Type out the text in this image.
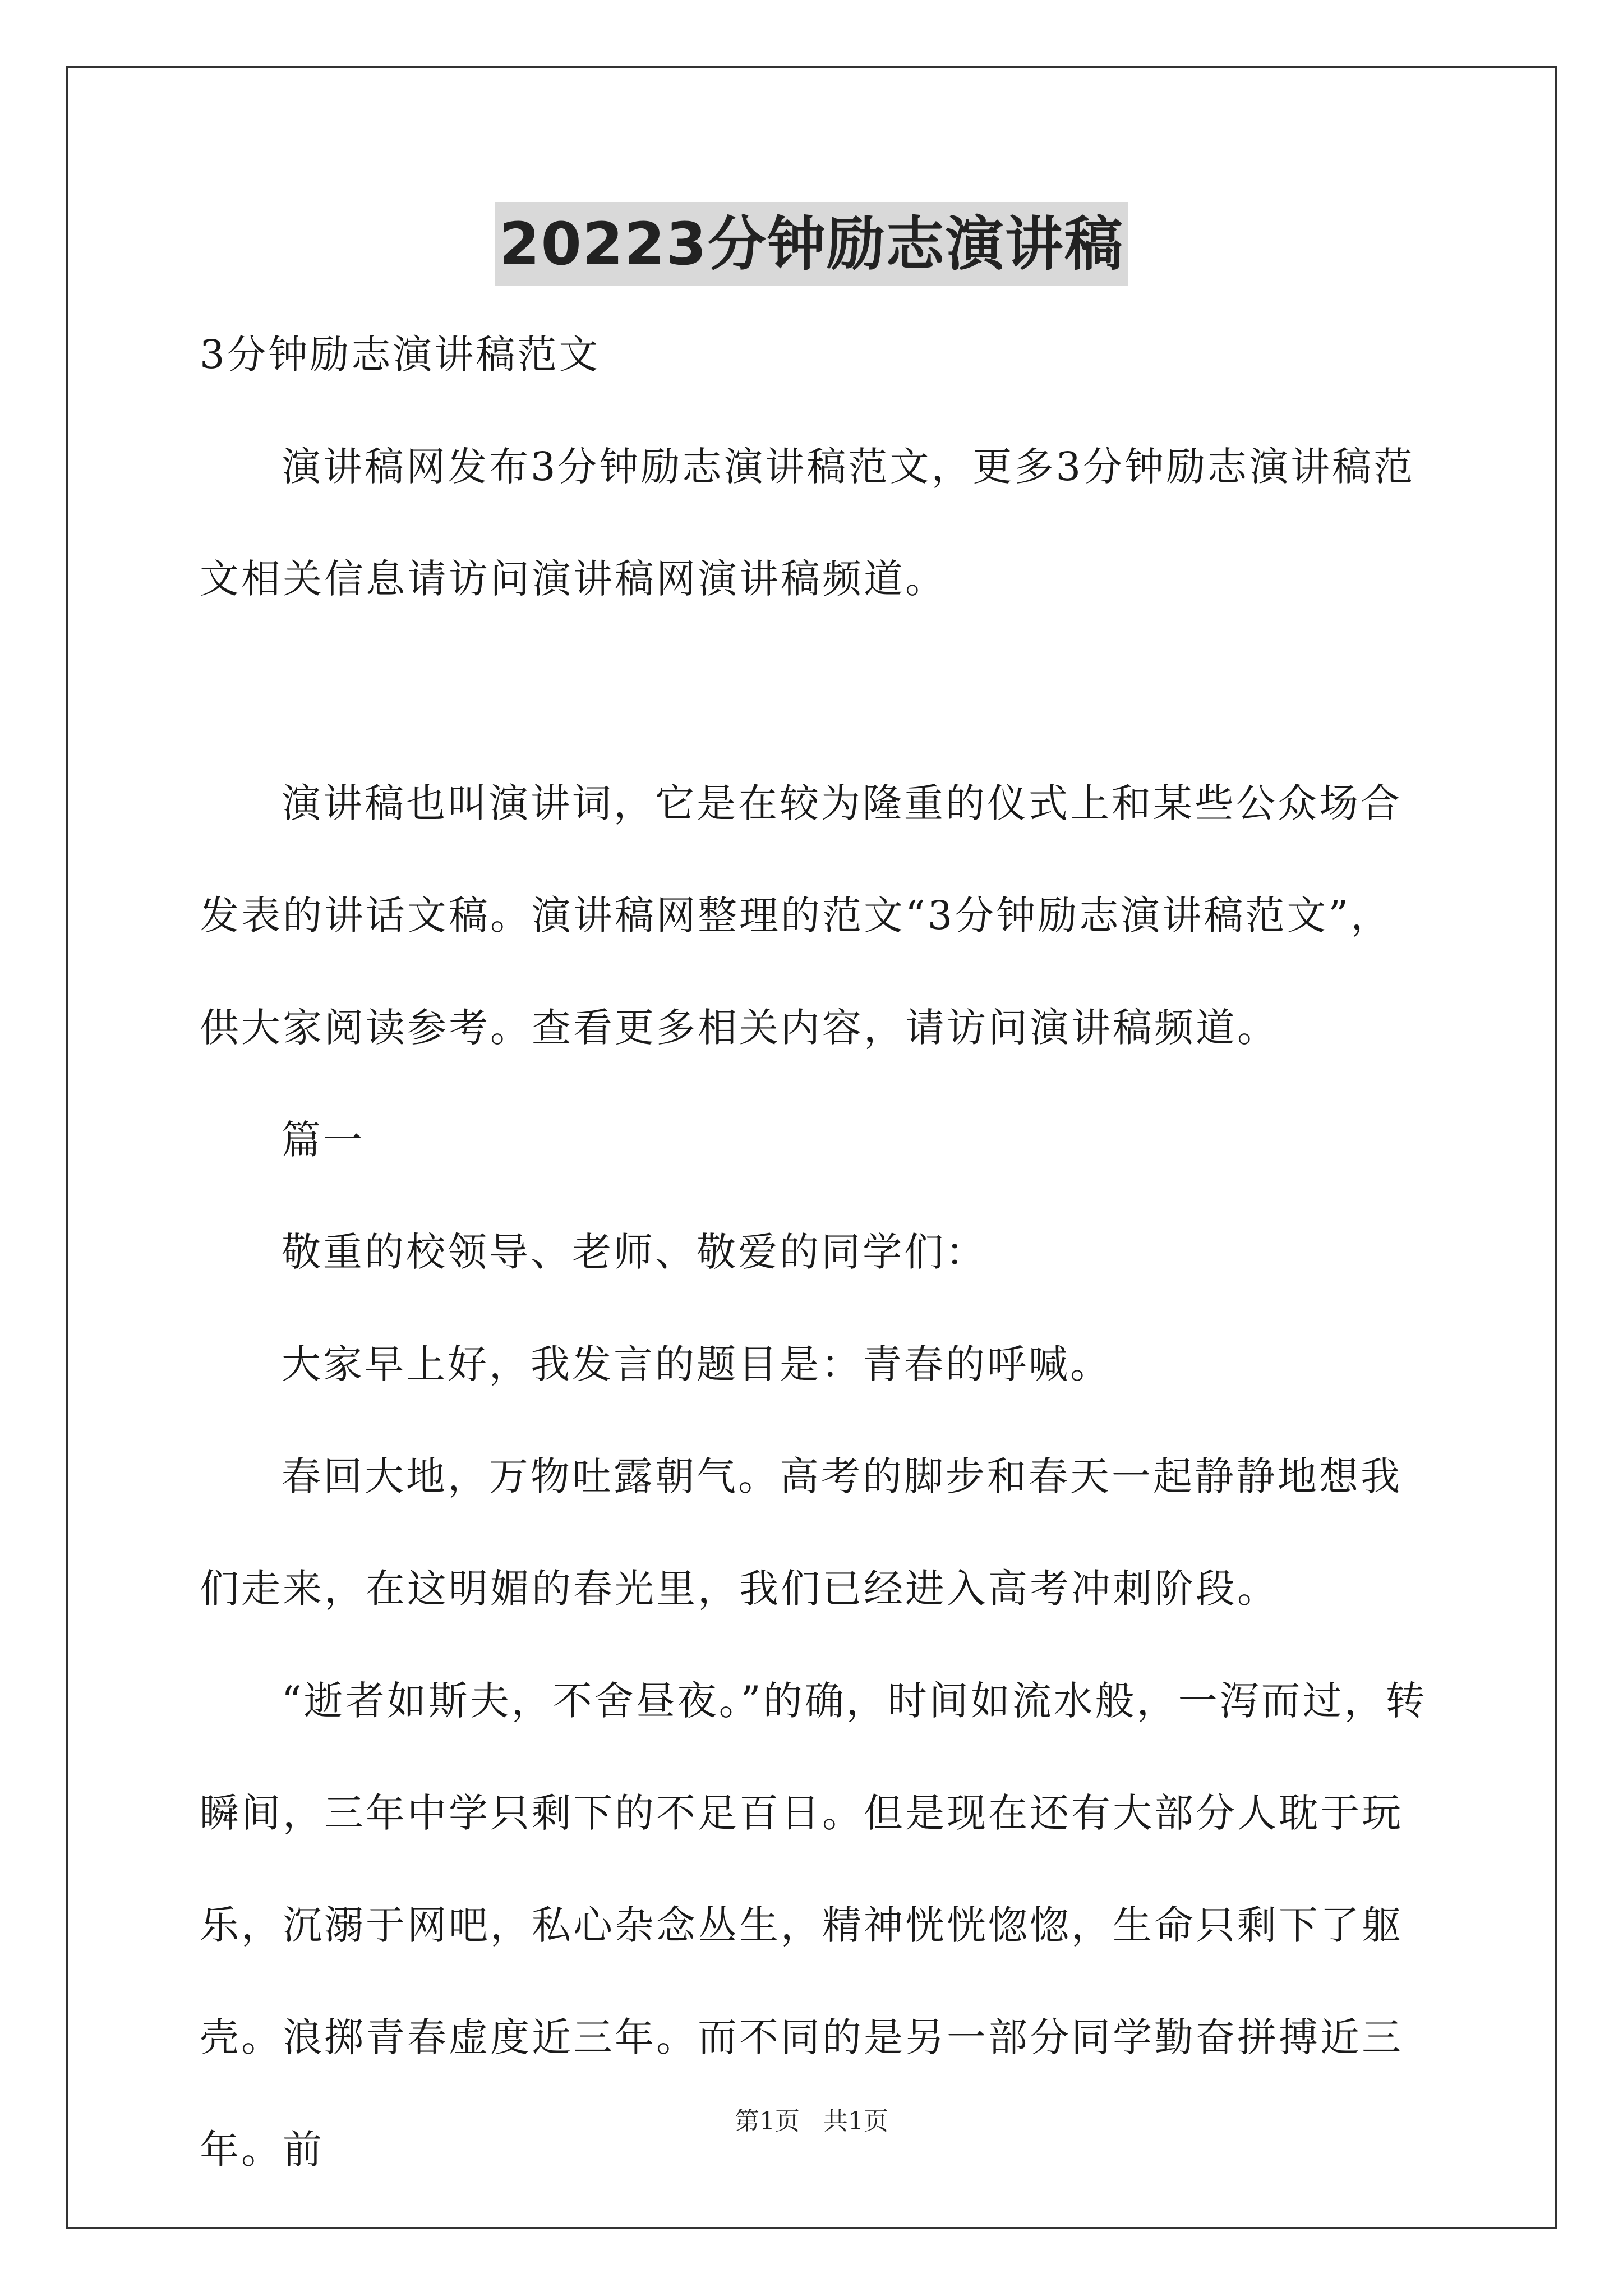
20223分钟励志演讲稿

3分钟励志演讲稿范文

演讲稿网发布3分钟励志演讲稿范文，更多3分钟励志演讲稿范文相关信息请访问演讲稿网演讲稿频道。

演讲稿也叫演讲词，它是在较为隆重的仪式上和某些公众场合发表的讲话文稿。演讲稿网整理的范文“3分钟励志演讲稿范文”，供大家阅读参考。查看更多相关内容，请访问演讲稿频道。

篇一

敬重的校领导、老师、敬爱的同学们：

大家早上好，我发言的题目是：青春的呼喊。

春回大地，万物吐露朝气。高考的脚步和春天一起静静地想我们走来，在这明媚的春光里，我们已经进入高考冲刺阶段。

“逝者如斯夫，不舍昼夜。”的确，时间如流水般，一泻而过，转瞬间，三年中学只剩下的不足百日。但是现在还有大部分人耽于玩乐，沉溺于网吧，私心杂念丛生，精神恍恍惚惚，生命只剩下了躯壳。浪掷青春虚度近三年。而不同的是另一部分同学勤奋拼搏近三年。前

第1页 共1页
